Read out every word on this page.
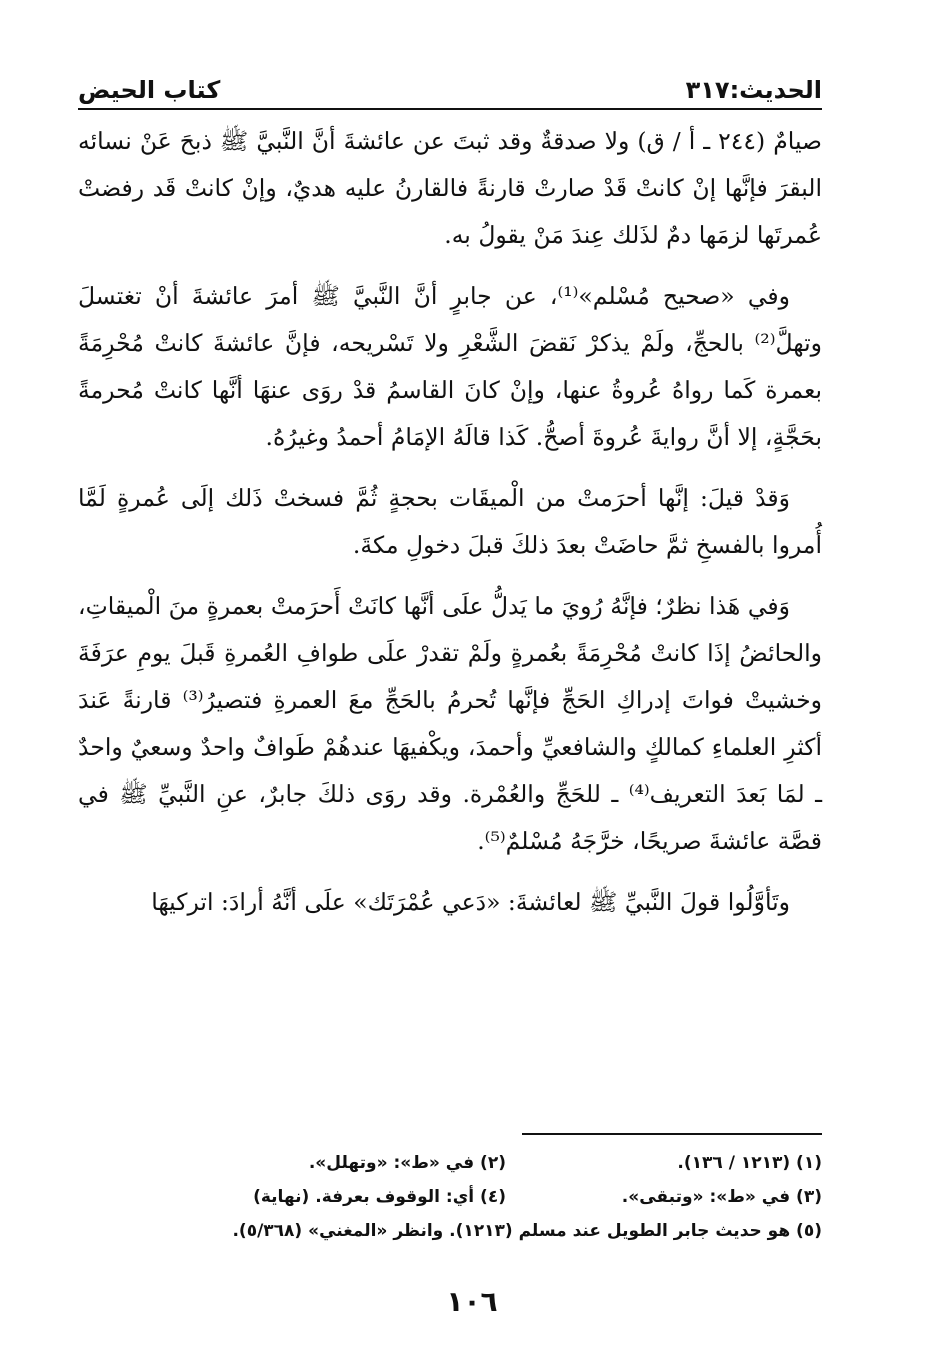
الحديث:٣١٧
كتاب الحيض

صيامٌ (٢٤٤ ـ أ / ق) ولا صدقةٌ وقد ثبتَ عن عائشةَ أنَّ النَّبيَّ ﷺ ذبحَ عَنْ نسائه البقرَ فإنَّها إنْ كانتْ قَدْ صارتْ قارنةً فالقارنُ عليه هديٌ، وإنْ كانتْ قَد رفضتْ عُمرتَها لزمَها دمٌ لذَلك عِندَ مَنْ يقولُ به.

وفي «صحيح مُسْلم»⁽¹⁾، عن جابرٍ أنَّ النَّبيَّ ﷺ أمرَ عائشةَ أنْ تغتسلَ وتهلَّ⁽²⁾ بالحجِّ، ولَمْ يذكرْ نَقضَ الشَّعْرِ ولا تَسْريحه، فإنَّ عائشةَ كانتْ مُحْرِمَةً بعمرة كَما رواهُ عُروةُ عنها، وإنْ كانَ القاسمُ قدْ روَى عنهَا أنَّها كانتْ مُحرمةً بحَجَّةٍ، إلا أنَّ روايةَ عُروةَ أصحُّ. كَذا قالَهُ الإمَامُ أحمدُ وغيرُهُ.

وَقدْ قيلَ: إنَّها أحرَمتْ من الْميقَات بحجةٍ ثُمَّ فسختْ ذَلك إلَى عُمرةٍ لَمَّا أُمروا بالفسخِ ثمَّ حاضَتْ بعدَ ذلكَ قبلَ دخولِ مكةَ.

وَفي هَذا نظرٌ؛ فإنَّهُ رُويَ ما يَدلُّ علَى أنَّها كانَتْ أَحرَمتْ بعمرةٍ منَ الْميقاتِ، والحائضُ إذَا كانتْ مُحْرِمَةً بعُمرةٍ ولَمْ تقدرْ علَى طوافِ العُمرةِ قَبلَ يومِ عرَفَةَ وخشيتْ فواتَ إدراكِ الحَجِّ فإنَّها تُحرمُ بالحَجِّ معَ العمرةِ فتصيرُ⁽³⁾ قارنةً عَندَ أكثرِ العلماءِ كمالكٍ والشافعيِّ وأحمدَ، ويكْفيهَا عندهُمْ طَوافٌ واحدٌ وسعيٌ واحدٌ ـ لمَا بَعدَ التعريف⁽⁴⁾ ـ للحَجِّ والعُمْرة. وقد روَى ذلكَ جابرٌ، عنِ النَّبيِّ ﷺ في قصَّة عائشةَ صريحًا، خرَّجَهُ مُسْلمٌ⁽⁵⁾.

وتَأوَّلُوا قولَ النَّبيِّ ﷺ لعائشةَ: «دَعي عُمْرَتَك» علَى أنَّهُ أرادَ: اتركيهَا

(١) (١٢١٣ / ١٣٦).
(٢) في «ط»: «وتهلل».
(٣) في «ط»: «وتبقى».
(٤) أي: الوقوف بعرفة. (نهاية)
(٥) هو حديث جابر الطويل عند مسلم (١٢١٣). وانظر «المغني» (٥/٣٦٨).
١٠٦
